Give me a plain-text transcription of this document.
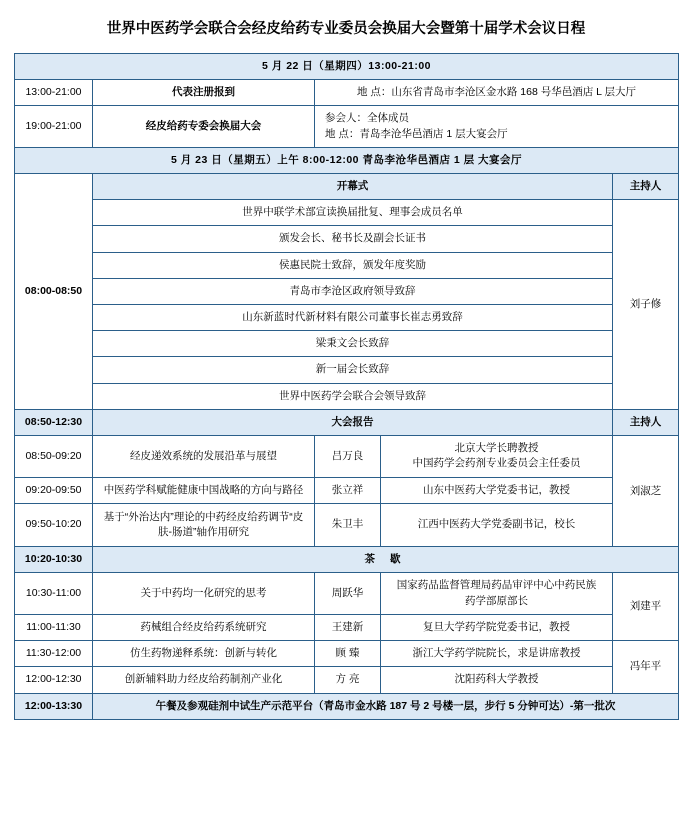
世界中医药学会联合会经皮给药专业委员会换届大会暨第十届学术会议日程
5 月 22 日（星期四）13:00-21:00				
13:00-21:00	代表注册报到	地 点：山东省青岛市李沧区金水路 168 号华邑酒店 L 层大厅		
19:00-21:00	经皮给药专委会换届大会	参会人：全体成员
地 点：青岛李沧华邑酒店 1 层大宴会厅		

5 月 23 日（星期五）上午 8:00-12:00 青岛李沧华邑酒店 1 层 大宴会厅				
08:00-08:50	开幕式			主持人
	世界中联学术部宣读换届批复、理事会成员名单			刘子修
	颁发会长、秘书长及副会长证书			
	侯惠民院士致辞，颁发年度奖励			
	青岛市李沧区政府领导致辞			
	山东新蓝时代新材料有限公司董事长崔志勇致辞			
	梁秉文会长致辞			
	新一届会长致辞			
	世界中医药学会联合会领导致辞			
08:50-12:30	大会报告			主持人
08:50-09:20	经皮递效系统的发展沿革与展望	吕万良	北京大学长聘教授
中国药学会药剂专业委员会主任委员	刘淑芝
09:20-09:50	中医药学科赋能健康中国战略的方向与路径	张立祥	山东中医药大学党委书记，教授	
09:50-10:20	基于“外治达内”理论的中药经皮给药调节“皮肤-肠道”轴作用研究	朱卫丰	江西中医药大学党委副书记，校长	
10:20-10:30	茶 歇			
10:30-11:00	关于中药均一化研究的思考	周跃华	国家药品监督管理局药品审评中心中药民族
药学部原部长	刘建平
11:00-11:30	药械组合经皮给药系统研究	王建新	复旦大学药学院党委书记，教授	
11:30-12:00	仿生药物递释系统：创新与转化	顾 臻	浙江大学药学院院长，求是讲席教授	冯年平
12:00-12:30	创新辅料助力经皮给药制剂产业化	方 亮	沈阳药科大学教授	
12:00-13:30	午餐及参观硅剂中试生产示范平台（青岛市金水路 187 号 2 号楼一层，步行 5 分钟可达）-第一批次			
